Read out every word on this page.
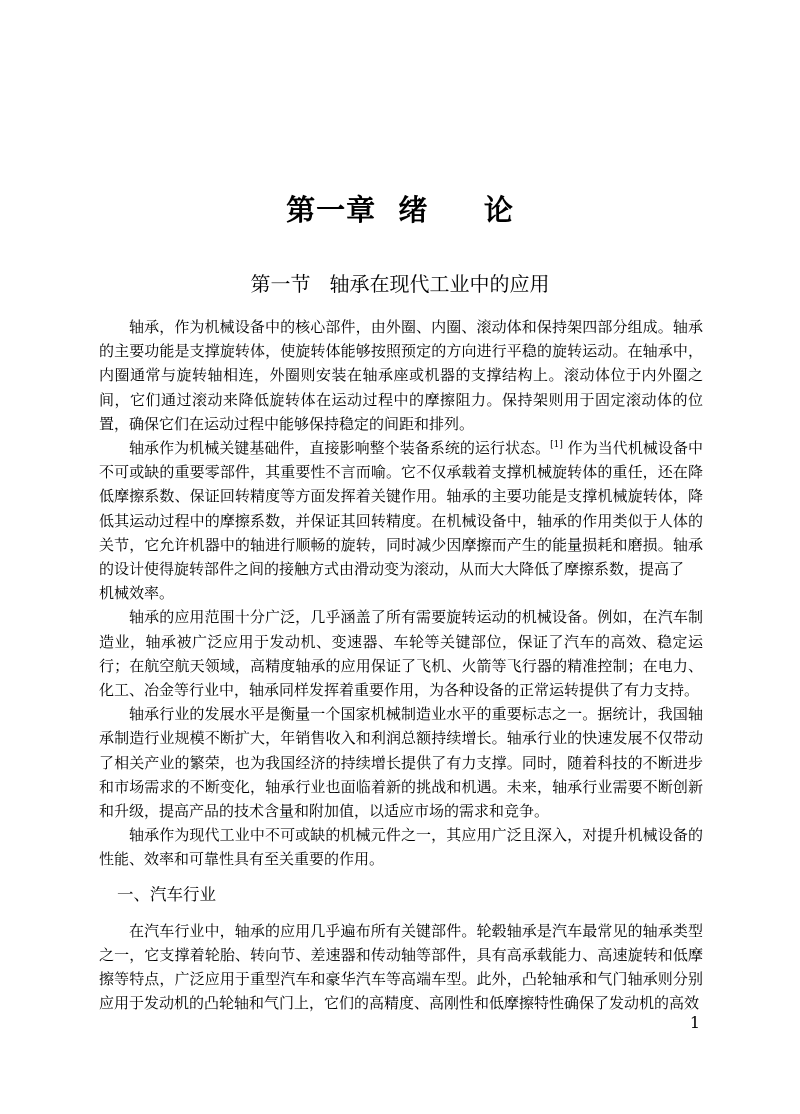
第一章  绪     论
第一节   轴承在现代工业中的应用

轴承，作为机械设备中的核心部件，由外圈、内圈、滚动体和保持架四部分组成。轴承的主要功能是支撑旋转体，使旋转体能够按照预定的方向进行平稳的旋转运动。在轴承中，内圈通常与旋转轴相连，外圈则安装在轴承座或机器的支撑结构上。滚动体位于内外圈之间，它们通过滚动来降低旋转体在运动过程中的摩擦阻力。保持架则用于固定滚动体的位置，确保它们在运动过程中能够保持稳定的间距和排列。

轴承作为机械关键基础件，直接影响整个装备系统的运行状态。[1] 作为当代机械设备中不可或缺的重要零部件，其重要性不言而喻。它不仅承载着支撑机械旋转体的重任，还在降低摩擦系数、保证回转精度等方面发挥着关键作用。轴承的主要功能是支撑机械旋转体，降低其运动过程中的摩擦系数，并保证其回转精度。在机械设备中，轴承的作用类似于人体的关节，它允许机器中的轴进行顺畅的旋转，同时减少因摩擦而产生的能量损耗和磨损。轴承的设计使得旋转部件之间的接触方式由滑动变为滚动，从而大大降低了摩擦系数，提高了

机械效率。

轴承的应用范围十分广泛，几乎涵盖了所有需要旋转运动的机械设备。例如，在汽车制造业，轴承被广泛应用于发动机、变速器、车轮等关键部位，保证了汽车的高效、稳定运行；在航空航天领域，高精度轴承的应用保证了飞机、火箭等飞行器的精准控制；在电力、化工、冶金等行业中，轴承同样发挥着重要作用，为各种设备的正常运转提供了有力支持。

轴承行业的发展水平是衡量一个国家机械制造业水平的重要标志之一。据统计，我国轴承制造行业规模不断扩大，年销售收入和利润总额持续增长。轴承行业的快速发展不仅带动了相关产业的繁荣，也为我国经济的持续增长提供了有力支撑。同时，随着科技的不断进步和市场需求的不断变化，轴承行业也面临着新的挑战和机遇。未来，轴承行业需要不断创新和升级，提高产品的技术含量和附加值，以适应市场的需求和竞争。

轴承作为现代工业中不可或缺的机械元件之一，其应用广泛且深入，对提升机械设备的性能、效率和可靠性具有至关重要的作用。

一、汽车行业

在汽车行业中，轴承的应用几乎遍布所有关键部件。轮毂轴承是汽车最常见的轴承类型之一，它支撑着轮胎、转向节、差速器和传动轴等部件，具有高承载能力、高速旋转和低摩擦等特点，广泛应用于重型汽车和豪华汽车等高端车型。此外，凸轮轴承和气门轴承则分别应用于发动机的凸轮轴和气门上，它们的高精度、高刚性和低摩擦特性确保了发动机的高效

1
